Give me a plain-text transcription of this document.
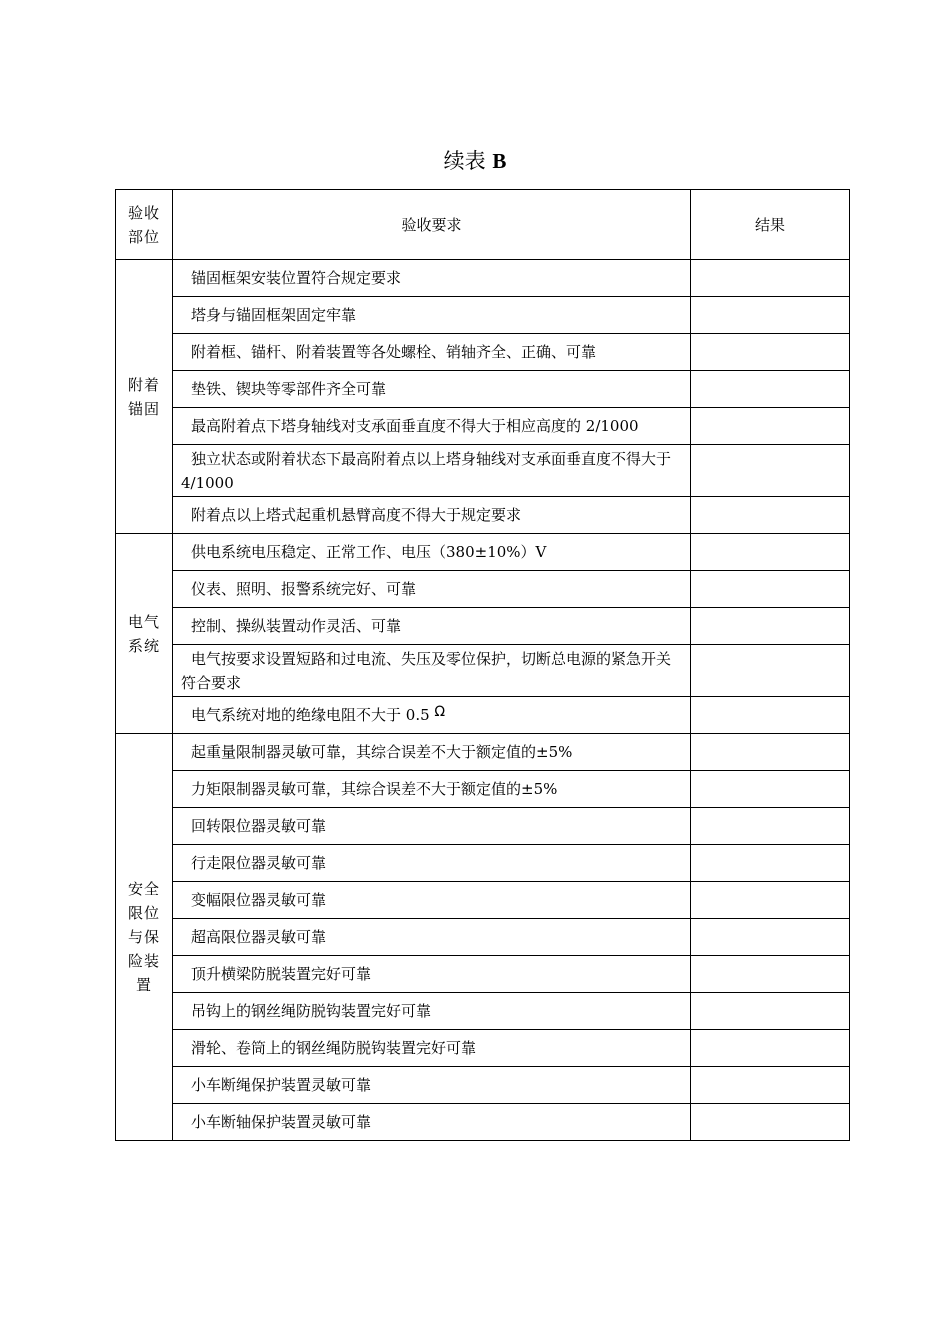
续表 B
验收部位	验收要求	结果
附着锚固	锚固框架安装位置符合规定要求	

	塔身与锚固框架固定牢靠	

	附着框、锚杆、附着装置等各处螺栓、销轴齐全、正确、可靠	

	垫铁、锲块等零部件齐全可靠	

	最高附着点下塔身轴线对支承面垂直度不得大于相应高度的 2/1000	

	独立状态或附着状态下最高附着点以上塔身轴线对支承面垂直度不得大于 4/1000	

	附着点以上塔式起重机悬臂高度不得大于规定要求	

电气系统	供电系统电压稳定、正常工作、电压（380±10%）V	

	仪表、照明、报警系统完好、可靠	

	控制、操纵装置动作灵活、可靠	

	电气按要求设置短路和过电流、失压及零位保护，切断总电源的紧急开关符合要求	

	电气系统对地的绝缘电阻不大于 0.5 Ω	

安全限位与保险装置	起重量限制器灵敏可靠，其综合误差不大于额定值的±5%	

	力矩限制器灵敏可靠，其综合误差不大于额定值的±5%	

	回转限位器灵敏可靠	

	行走限位器灵敏可靠	

	变幅限位器灵敏可靠	

	超高限位器灵敏可靠	

	顶升横梁防脱装置完好可靠	

	吊钩上的钢丝绳防脱钩装置完好可靠	

	滑轮、卷筒上的钢丝绳防脱钩装置完好可靠	

	小车断绳保护装置灵敏可靠	

	小车断轴保护装置灵敏可靠	
